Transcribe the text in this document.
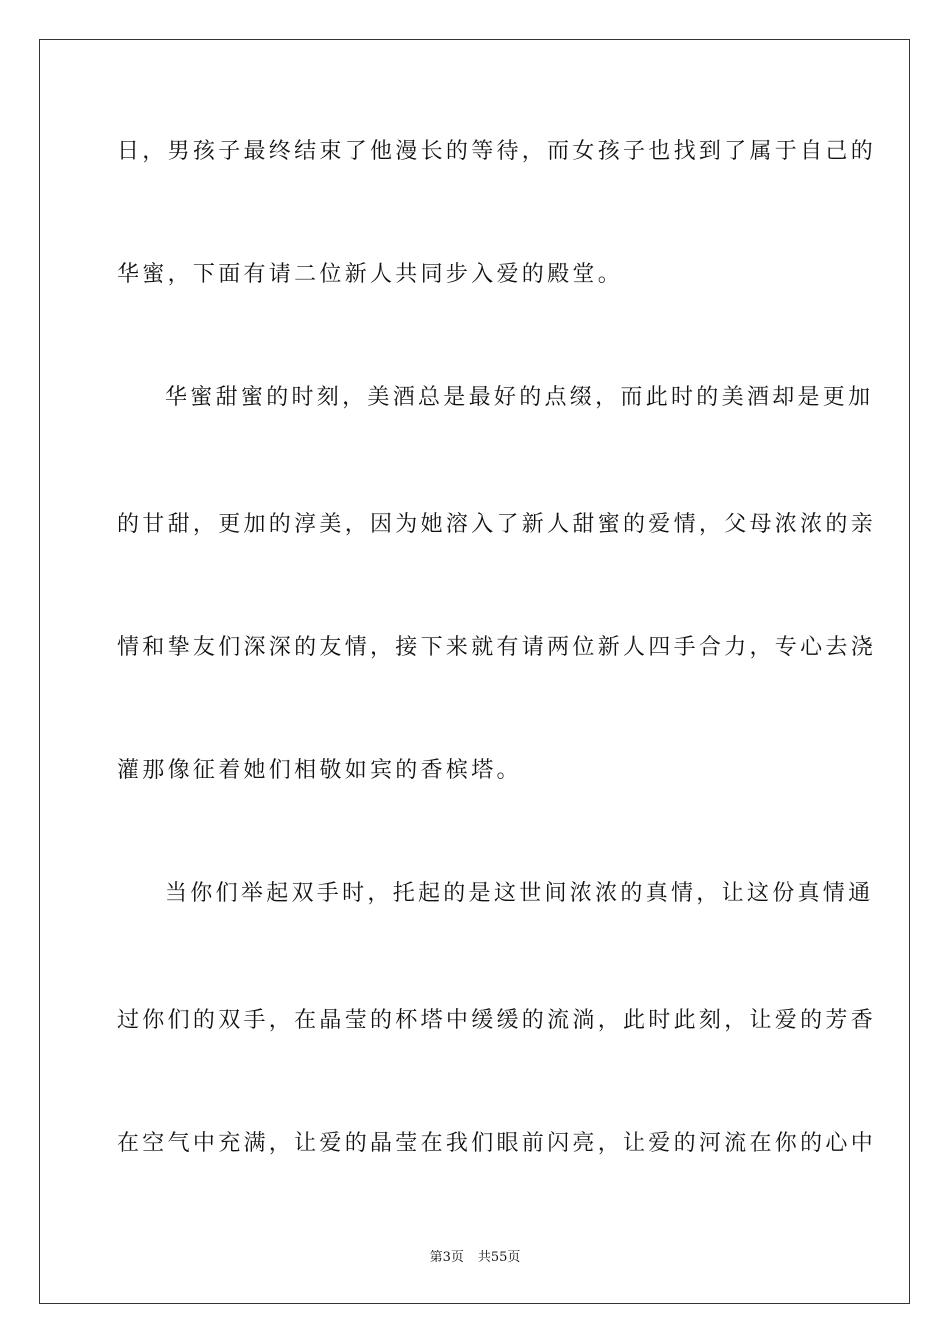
日，男孩子最终结束了他漫长的等待，而女孩子也找到了属于自己的
华蜜，下面有请二位新人共同步入爱的殿堂。
华蜜甜蜜的时刻，美酒总是最好的点缀，而此时的美酒却是更加
的甘甜，更加的淳美，因为她溶入了新人甜蜜的爱情，父母浓浓的亲
情和挚友们深深的友情，接下来就有请两位新人四手合力，专心去浇
灌那像征着她们相敬如宾的香槟塔。
当你们举起双手时，托起的是这世间浓浓的真情，让这份真情通
过你们的双手，在晶莹的杯塔中缓缓的流淌，此时此刻，让爱的芳香
在空气中充满，让爱的晶莹在我们眼前闪亮，让爱的河流在你的心中
第3页 共55页
